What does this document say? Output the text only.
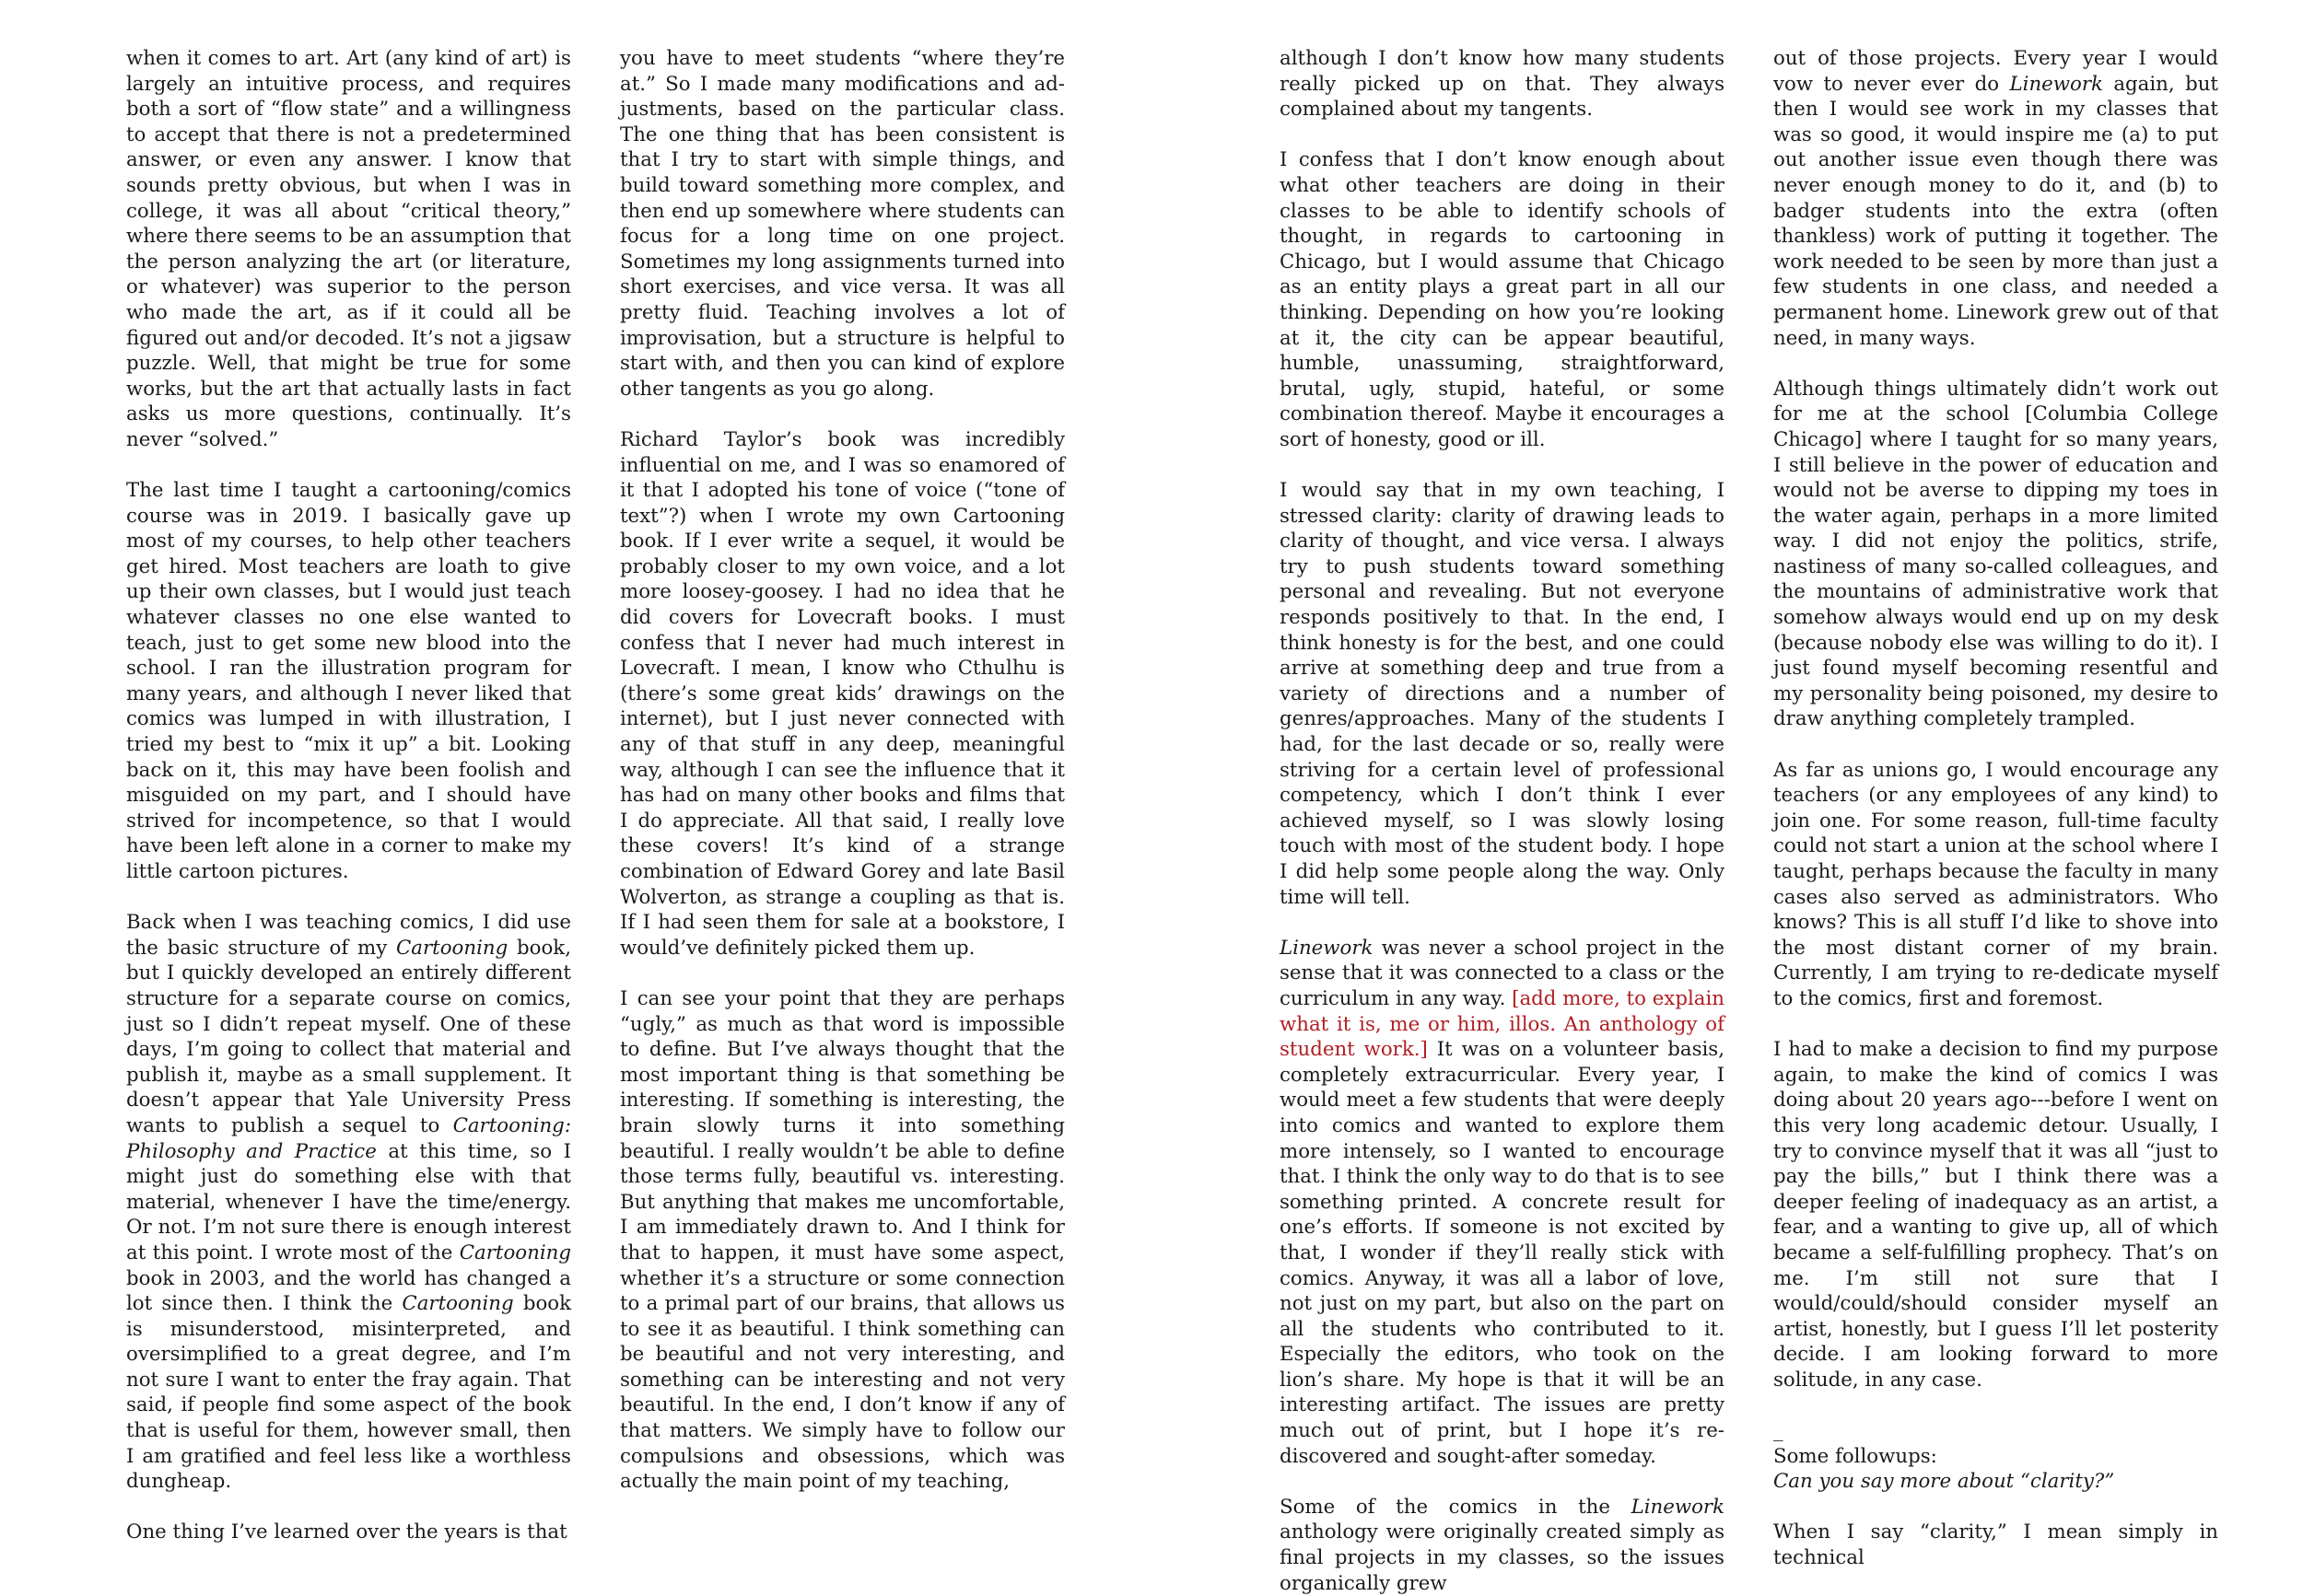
when it comes to art. Art (any kind of art) is largely an intuitive process, and requires both a sort of “flow state” and a willingness to accept that there is not a predetermined answer, or even any answer. I know that sounds pretty obvious, but when I was in college, it was all about “critical theory,” where there seems to be an assumption that the person analyzing the art (or literature, or whatever) was superior to the person who made the art, as if it could all be figured out and/or decoded. It’s not a jigsaw puzzle. Well, that might be true for some works, but the art that actually lasts in fact asks us more questions, continually. It’s never “solved.”

The last time I taught a cartooning/comics course was in 2019. I basically gave up most of my courses, to help other teachers get hired. Most teachers are loath to give up their own classes, but I would just teach whatever classes no one else wanted to teach, just to get some new blood into the school. I ran the illustration program for many years, and although I never liked that comics was lumped in with illustration, I tried my best to “mix it up” a bit. Looking back on it, this may have been foolish and misguided on my part, and I should have strived for incompetence, so that I would have been left alone in a corner to make my little cartoon pictures.

Back when I was teaching comics, I did use the basic structure of my Cartooning book, but I quickly developed an entirely different structure for a separate course on comics, just so I didn’t repeat myself. One of these days, I’m going to collect that material and publish it, maybe as a small supplement. It doesn’t appear that Yale University Press wants to publish a sequel to Cartooning: Philosophy and Practice at this time, so I might just do something else with that material, whenever I have the time/energy. Or not. I’m not sure there is enough interest at this point. I wrote most of the Cartooning book in 2003, and the world has changed a lot since then. I think the Cartooning book is misunderstood, misinterpreted, and oversimplified to a great degree, and I’m not sure I want to enter the fray again. That said, if people find some aspect of the book that is useful for them, however small, then I am gratified and feel less like a worthless dungheap.

One thing I’ve learned over the years is that

you have to meet students “where they’re at.” So I made many modifications and adjustments, based on the particular class. The one thing that has been consistent is that I try to start with simple things, and build toward something more complex, and then end up somewhere where students can focus for a long time on one project. Sometimes my long assignments turned into short exercises, and vice versa. It was all pretty fluid. Teaching involves a lot of improvisation, but a structure is helpful to start with, and then you can kind of explore other tangents as you go along.

Richard Taylor’s book was incredibly influential on me, and I was so enamored of it that I adopted his tone of voice (“tone of text”?) when I wrote my own Cartooning book. If I ever write a sequel, it would be probably closer to my own voice, and a lot more loosey-goosey. I had no idea that he did covers for Lovecraft books. I must confess that I never had much interest in Lovecraft. I mean, I know who Cthulhu is (there’s some great kids’ drawings on the internet), but I just never connected with any of that stuff in any deep, meaningful way, although I can see the influence that it has had on many other books and films that I do appreciate. All that said, I really love these covers! It’s kind of a strange combination of Edward Gorey and late Basil Wolverton, as strange a coupling as that is. If I had seen them for sale at a bookstore, I would’ve definitely picked them up.

I can see your point that they are perhaps “ugly,” as much as that word is impossible to define. But I’ve always thought that the most important thing is that something be interesting. If something is interesting, the brain slowly turns it into something beautiful. I really wouldn’t be able to define those terms fully, beautiful vs. interesting. But anything that makes me uncomfortable, I am immediately drawn to. And I think for that to happen, it must have some aspect, whether it’s a structure or some connection to a primal part of our brains, that allows us to see it as beautiful. I think something can be beautiful and not very interesting, and something can be interesting and not very beautiful. In the end, I don’t know if any of that matters. We simply have to follow our compulsions and obsessions, which was actually the main point of my teaching,

although I don’t know how many students really picked up on that. They always complained about my tangents.

I confess that I don’t know enough about what other teachers are doing in their classes to be able to identify schools of thought, in regards to cartooning in Chicago, but I would assume that Chicago as an entity plays a great part in all our thinking. Depending on how you’re looking at it, the city can be appear beautiful, humble, unassuming, straightforward, brutal, ugly, stupid, hateful, or some combination thereof. Maybe it encourages a sort of honesty, good or ill.

I would say that in my own teaching, I stressed clarity: clarity of drawing leads to clarity of thought, and vice versa. I always try to push students toward something personal and revealing. But not everyone responds positively to that. In the end, I think honesty is for the best, and one could arrive at something deep and true from a variety of directions and a number of genres/approaches. Many of the students I had, for the last decade or so, really were striving for a certain level of professional competency, which I don’t think I ever achieved myself, so I was slowly losing touch with most of the student body. I hope I did help some people along the way. Only time will tell.

Linework was never a school project in the sense that it was connected to a class or the curriculum in any way. [add more, to explain what it is, me or him, illos. An anthology of student work.] It was on a volunteer basis, completely extracurricular. Every year, I would meet a few students that were deeply into comics and wanted to explore them more intensely, so I wanted to encourage that. I think the only way to do that is to see something printed. A concrete result for one’s efforts. If someone is not excited by that, I wonder if they’ll really stick with comics. Anyway, it was all a labor of love, not just on my part, but also on the part on all the students who contributed to it. Especially the editors, who took on the lion’s share. My hope is that it will be an interesting artifact. The issues are pretty much out of print, but I hope it’s re-discovered and sought-after someday.

Some of the comics in the Linework anthology were originally created simply as final projects in my classes, so the issues organically grew

out of those projects. Every year I would vow to never ever do Linework again, but then I would see work in my classes that was so good, it would inspire me (a) to put out another issue even though there was never enough money to do it, and (b) to badger students into the extra (often thankless) work of putting it together. The work needed to be seen by more than just a few students in one class, and needed a permanent home. Linework grew out of that need, in many ways.

Although things ultimately didn’t work out for me at the school [Columbia College Chicago] where I taught for so many years, I still believe in the power of education and would not be averse to dipping my toes in the water again, perhaps in a more limited way. I did not enjoy the politics, strife, nastiness of many so-called colleagues, and the mountains of administrative work that somehow always would end up on my desk (because nobody else was willing to do it). I just found myself becoming resentful and my personality being poisoned, my desire to draw anything completely trampled.

As far as unions go, I would encourage any teachers (or any employees of any kind) to join one. For some reason, full-time faculty could not start a union at the school where I taught, perhaps because the faculty in many cases also served as administrators. Who knows? This is all stuff I’d like to shove into the most distant corner of my brain. Currently, I am trying to re-dedicate myself to the comics, first and foremost.

I had to make a decision to find my purpose again, to make the kind of comics I was doing about 20 years ago---before I went on this very long academic detour. Usually, I try to convince myself that it was all “just to pay the bills,” but I think there was a deeper feeling of inadequacy as an artist, a fear, and a wanting to give up, all of which became a self-fulfilling prophecy. That’s on me. I’m still not sure that I would/could/should consider myself an artist, honestly, but I guess I’ll let posterity decide. I am looking forward to more solitude, in any case.

_

Some followups:

Can you say more about “clarity?”

When I say “clarity,” I mean simply in technical
